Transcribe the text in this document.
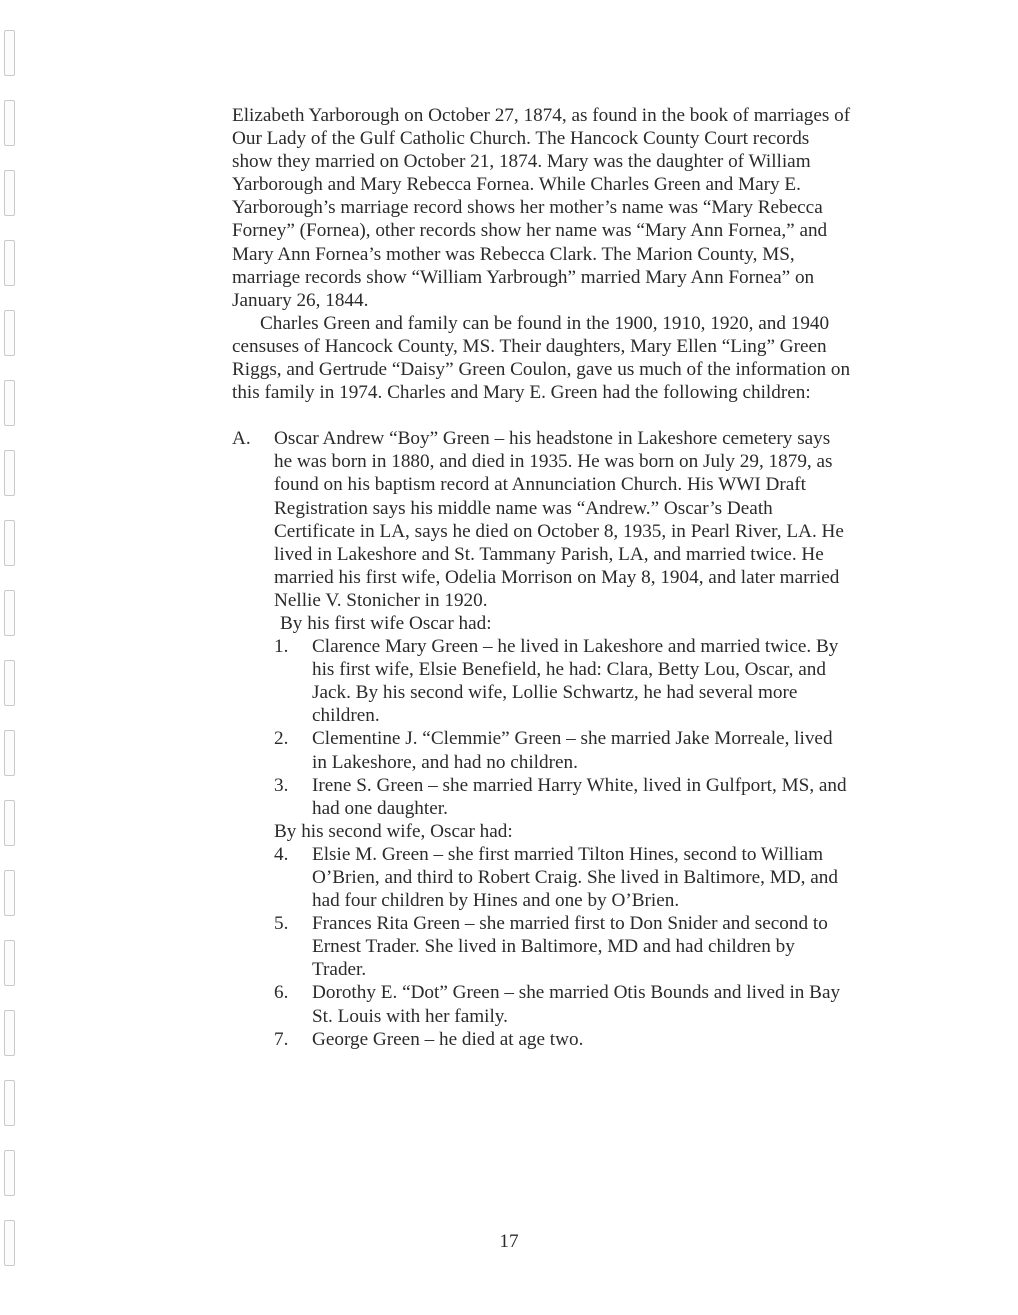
Elizabeth Yarborough on October 27, 1874, as found in the book of marriages of Our Lady of the Gulf Catholic Church. The Hancock County Court records show they married on October 21, 1874. Mary was the daughter of William Yarborough and Mary Rebecca Fornea. While Charles Green and Mary E. Yarborough’s marriage record shows her mother’s name was “Mary Rebecca Forney” (Fornea), other records show her name was “Mary Ann Fornea,” and Mary Ann Fornea’s mother was Rebecca Clark. The Marion County, MS, marriage records show “William Yarbrough” married Mary Ann Fornea” on January 26, 1844.

Charles Green and family can be found in the 1900, 1910, 1920, and 1940 censuses of Hancock County, MS. Their daughters, Mary Ellen “Ling” Green Riggs, and Gertrude “Daisy” Green Coulon, gave us much of the information on this family in 1974. Charles and Mary E. Green had the following children:

A. Oscar Andrew “Boy” Green – his headstone in Lakeshore cemetery says he was born in 1880, and died in 1935. He was born on July 29, 1879, as found on his baptism record at Annunciation Church. His WWI Draft Registration says his middle name was “Andrew.” Oscar’s Death Certificate in LA, says he died on October 8, 1935, in Pearl River, LA. He lived in Lakeshore and St. Tammany Parish, LA, and married twice. He married his first wife, Odelia Morrison on May 8, 1904, and later married Nellie V. Stonicher in 1920.

By his first wife Oscar had:

1. Clarence Mary Green – he lived in Lakeshore and married twice. By his first wife, Elsie Benefield, he had: Clara, Betty Lou, Oscar, and Jack. By his second wife, Lollie Schwartz, he had several more children.
2. Clementine J. “Clemmie” Green – she married Jake Morreale, lived in Lakeshore, and had no children.
3. Irene S. Green – she married Harry White, lived in Gulfport, MS, and had one daughter.

By his second wife, Oscar had:

4. Elsie M. Green – she first married Tilton Hines, second to William O’Brien, and third to Robert Craig. She lived in Baltimore, MD, and had four children by Hines and one by O’Brien.
5. Frances Rita Green – she married first to Don Snider and second to Ernest Trader. She lived in Baltimore, MD and had children by Trader.
6. Dorothy E. “Dot” Green – she married Otis Bounds and lived in Bay St. Louis with her family.
7. George Green – he died at age two.
17
